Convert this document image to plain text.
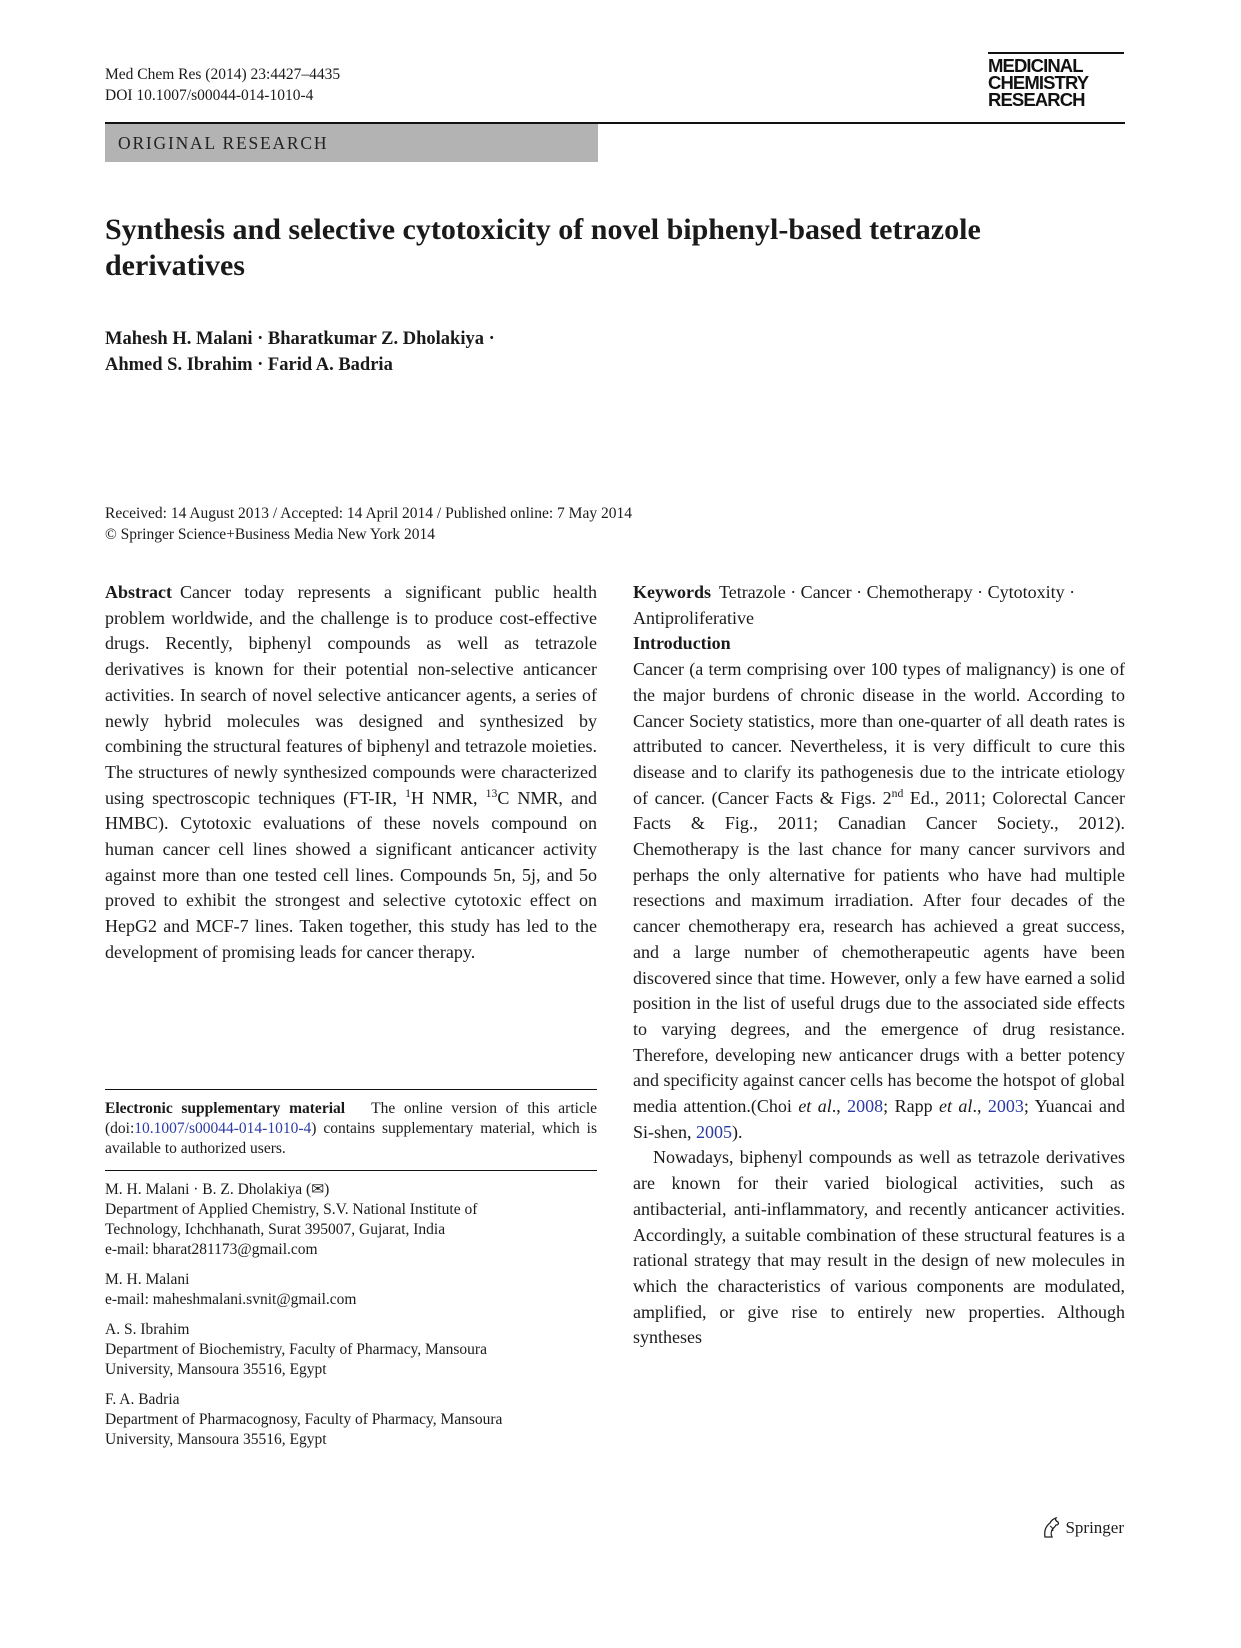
Med Chem Res (2014) 23:4427–4435
DOI 10.1007/s00044-014-1010-4
MEDICINAL
CHEMISTRY
RESEARCH
ORIGINAL RESEARCH
Synthesis and selective cytotoxicity of novel biphenyl-based tetrazole derivatives
Mahesh H. Malani · Bharatkumar Z. Dholakiya ·
Ahmed S. Ibrahim · Farid A. Badria
Received: 14 August 2013 / Accepted: 14 April 2014 / Published online: 7 May 2014
© Springer Science+Business Media New York 2014

Abstract Cancer today represents a significant public health problem worldwide, and the challenge is to produce cost-effective drugs. Recently, biphenyl compounds as well as tetrazole derivatives is known for their potential non-selective anticancer activities. In search of novel selective anticancer agents, a series of newly hybrid molecules was designed and synthesized by combining the structural features of biphenyl and tetrazole moieties. The structures of newly synthesized compounds were characterized using spectroscopic techniques (FT-IR, $^1$H NMR, $^{13}$C NMR, and HMBC). Cytotoxic evaluations of these novels compound on human cancer cell lines showed a significant anticancer activity against more than one tested cell lines. Compounds 5n, 5j, and 5o proved to exhibit the strongest and selective cytotoxic effect on HepG2 and MCF-7 lines. Taken together, this study has led to the development of promising leads for cancer therapy.

Electronic supplementary material The online version of this article (doi:10.1007/s00044-014-1010-4) contains supplementary material, which is available to authorized users.
M. H. Malani · B. Z. Dholakiya (✉)
Department of Applied Chemistry, S.V. National Institute of
Technology, Ichchhanath, Surat 395007, Gujarat, India
e-mail: bharat281173@gmail.com
M. H. Malani
e-mail: maheshmalani.svnit@gmail.com
A. S. Ibrahim
Department of Biochemistry, Faculty of Pharmacy, Mansoura
University, Mansoura 35516, Egypt
F. A. Badria
Department of Pharmacognosy, Faculty of Pharmacy, Mansoura
University, Mansoura 35516, Egypt

Keywords Tetrazole · Cancer · Chemotherapy · Cytotoxity · Antiproliferative

Introduction

Cancer (a term comprising over 100 types of malignancy) is one of the major burdens of chronic disease in the world. According to Cancer Society statistics, more than one-quarter of all death rates is attributed to cancer. Nevertheless, it is very difficult to cure this disease and to clarify its pathogenesis due to the intricate etiology of cancer. (Cancer Facts & Figs. 2nd Ed., 2011; Colorectal Cancer Facts & Fig., 2011; Canadian Cancer Society., 2012). Chemotherapy is the last chance for many cancer survivors and perhaps the only alternative for patients who have had multiple resections and maximum irradiation. After four decades of the cancer chemotherapy era, research has achieved a great success, and a large number of chemotherapeutic agents have been discovered since that time. However, only a few have earned a solid position in the list of useful drugs due to the associated side effects to varying degrees, and the emergence of drug resistance. Therefore, developing new anticancer drugs with a better potency and specificity against cancer cells has become the hotspot of global media attention.(Choi et al., 2008; Rapp et al., 2003; Yuancai and Si-shen, 2005).

Nowadays, biphenyl compounds as well as tetrazole derivatives are known for their varied biological activities, such as antibacterial, anti-inflammatory, and recently anticancer activities. Accordingly, a suitable combination of these structural features is a rational strategy that may result in the design of new molecules in which the characteristics of various components are modulated, amplified, or give rise to entirely new properties. Although syntheses

Springer
